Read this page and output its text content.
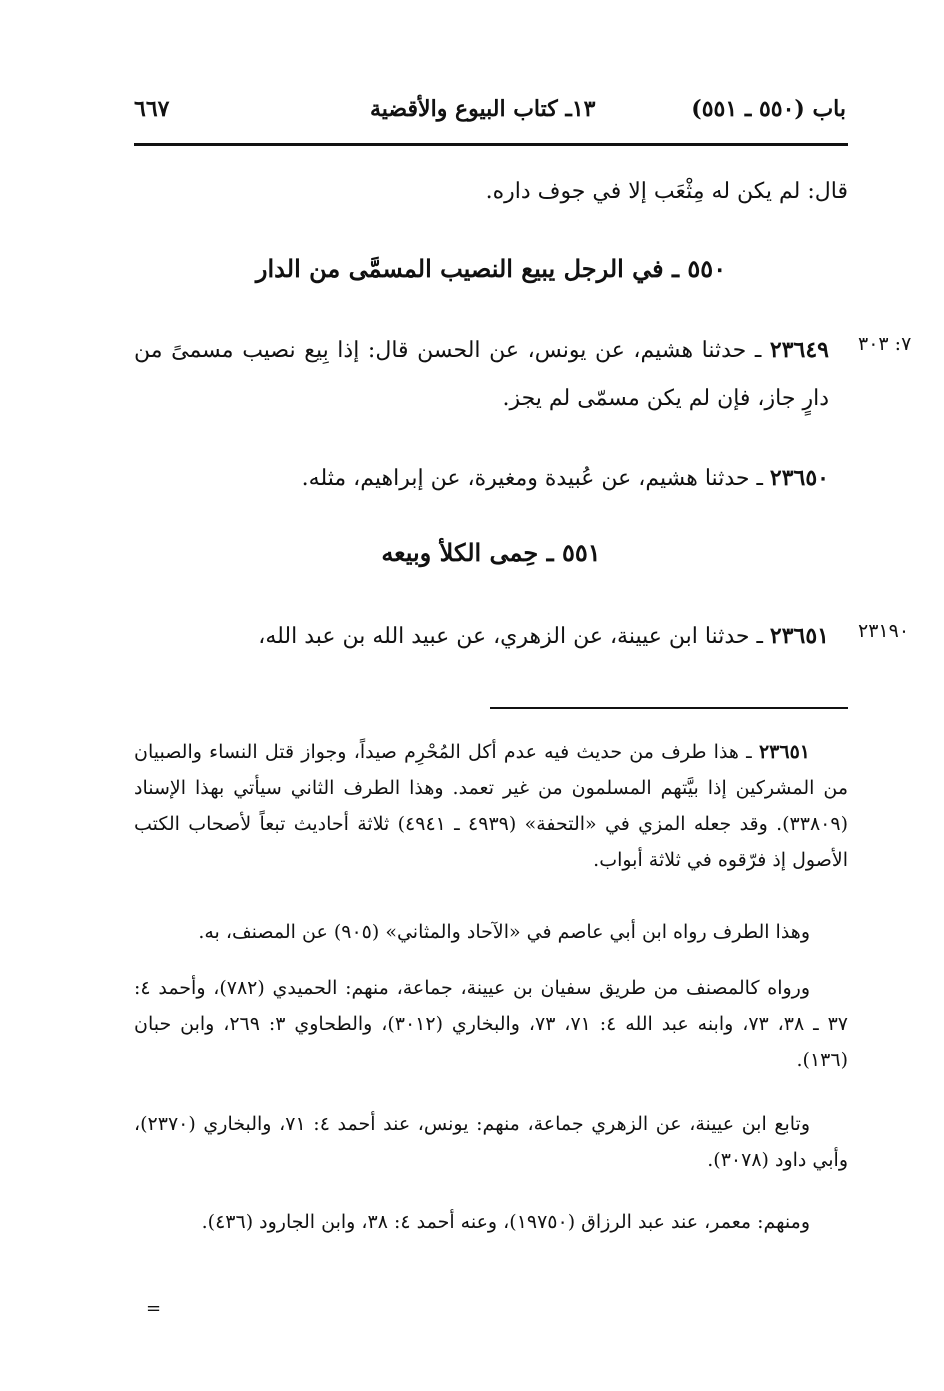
٦٦٧	١٣ـ كتاب البيوع والأقضية	باب (٥٥٠ ـ ٥٥١)
قال: لم يكن له مِثْعَب إلا في جوف داره.
٥٥٠ ـ في الرجل يبيع النصيب المسمَّى من الدار
٧: ٣٠٣
٢٣٦٤٩ ـ حدثنا هشيم، عن يونس، عن الحسن قال: إذا بِيع نصيب مسمىً من دارٍ جاز، فإن لم يكن مسمّى لم يجز.
٢٣٦٥٠ ـ حدثنا هشيم، عن عُبيدة ومغيرة، عن إبراهيم، مثله.
٥٥١ ـ حِمى الكلأ وبيعه
٢٣١٩٠
٢٣٦٥١ ـ حدثنا ابن عيينة، عن الزهري، عن عبيد الله بن عبد الله،
٢٣٦٥١ ـ هذا طرف من حديث فيه عدم أكل المُحْرِم صيداً، وجواز قتل النساء والصبيان من المشركين إذا بيَّتهم المسلمون من غير تعمد. وهذا الطرف الثاني سيأتي بهذا الإسناد (٣٣٨٠٩). وقد جعله المزي في «التحفة» (٤٩٣٩ ـ ٤٩٤١) ثلاثة أحاديث تبعاً لأصحاب الكتب الأصول إذ فرّقوه في ثلاثة أبواب.
وهذا الطرف رواه ابن أبي عاصم في «الآحاد والمثاني» (٩٠٥) عن المصنف، به.
ورواه كالمصنف من طريق سفيان بن عيينة، جماعة، منهم: الحميدي (٧٨٢)، وأحمد ٤: ٣٧ ـ ٣٨، ٧٣، وابنه عبد الله ٤: ٧١، ٧٣، والبخاري (٣٠١٢)، والطحاوي ٣: ٢٦٩، وابن حبان (١٣٦).
وتابع ابن عيينة، عن الزهري جماعة، منهم: يونس، عند أحمد ٤: ٧١، والبخاري (٢٣٧٠)، وأبي داود (٣٠٧٨).
ومنهم: معمر، عند عبد الرزاق (١٩٧٥٠)، وعنه أحمد ٤: ٣٨، وابن الجارود (٤٣٦).
=
